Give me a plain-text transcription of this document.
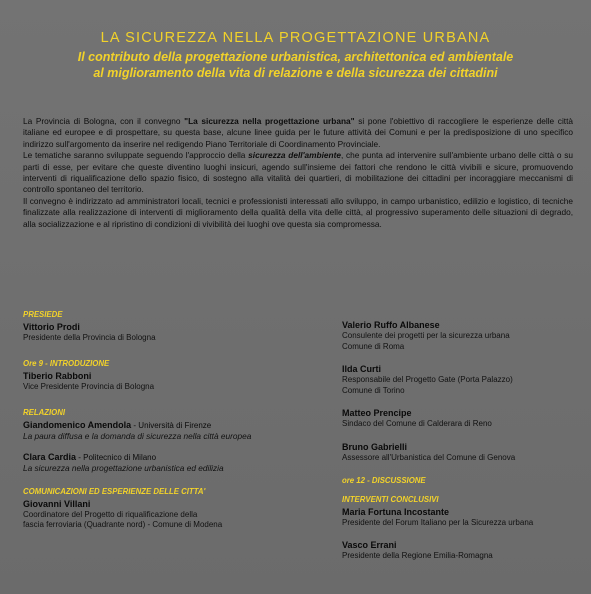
LA SICUREZZA NELLA PROGETTAZIONE URBANA
Il contributo della progettazione urbanistica, architettonica ed ambientale
al miglioramento della vita di relazione e della sicurezza dei cittadini

La Provincia di Bologna, con il convegno "La sicurezza nella progettazione urbana" si pone l'obiettivo di raccogliere le esperienze delle città italiane ed europee e di prospettare, su questa base, alcune linee guida per le future attività dei Comuni e per la predisposizione di uno specifico indirizzo sull'argomento da inserire nel redigendo Piano Territoriale di Coordinamento Provinciale.

Le tematiche saranno sviluppate seguendo l'approccio della sicurezza dell'ambiente, che punta ad intervenire sull'ambiente urbano delle città o su parti di esse, per evitare che queste diventino luoghi insicuri, agendo sull'insieme dei fattori che rendono le città vivibili e sicure, promuovendo interventi di riqualificazione dello spazio fisico, di sostegno alla vitalità dei quartieri, di mobilitazione dei cittadini per incoraggiare meccanismi di controllo spontaneo del territorio.

Il convegno è indirizzato ad amministratori locali, tecnici e professionisti interessati allo sviluppo, in campo urbanistico, edilizio e logistico, di tecniche finalizzate alla realizzazione di interventi di miglioramento della qualità della vita delle città, al progressivo superamento delle situazioni di degrado, alla socializzazione e al ripristino di condizioni di vivibilità dei luoghi ove questa sia compromessa.

PRESIEDE
Vittorio Prodi
Presidente della Provincia di Bologna
Ore 9 - INTRODUZIONE
Tiberio Rabboni
Vice Presidente Provincia di Bologna
RELAZIONI
Giandomenico Amendola - Università di Firenze
La paura diffusa e la domanda di sicurezza nella città europea
Clara Cardia - Politecnico di Milano
La sicurezza nella progettazione urbanistica ed edilizia
COMUNICAZIONI ED ESPERIENZE DELLE CITTA'
Giovanni Villani
Coordinatore del Progetto di riqualificazione della
fascia ferroviaria (Quadrante nord) - Comune di Modena
Valerio Ruffo Albanese
Consulente dei progetti per la sicurezza urbana
Comune di Roma
Ilda Curti
Responsabile del Progetto Gate (Porta Palazzo)
Comune di Torino
Matteo Prencipe
Sindaco del Comune di Calderara di Reno
Bruno Gabrielli
Assessore all'Urbanistica del Comune di Genova
ore 12 - DISCUSSIONE
INTERVENTI CONCLUSIVI
Maria Fortuna Incostante
Presidente del Forum Italiano per la Sicurezza urbana
Vasco Errani
Presidente della Regione Emilia-Romagna
